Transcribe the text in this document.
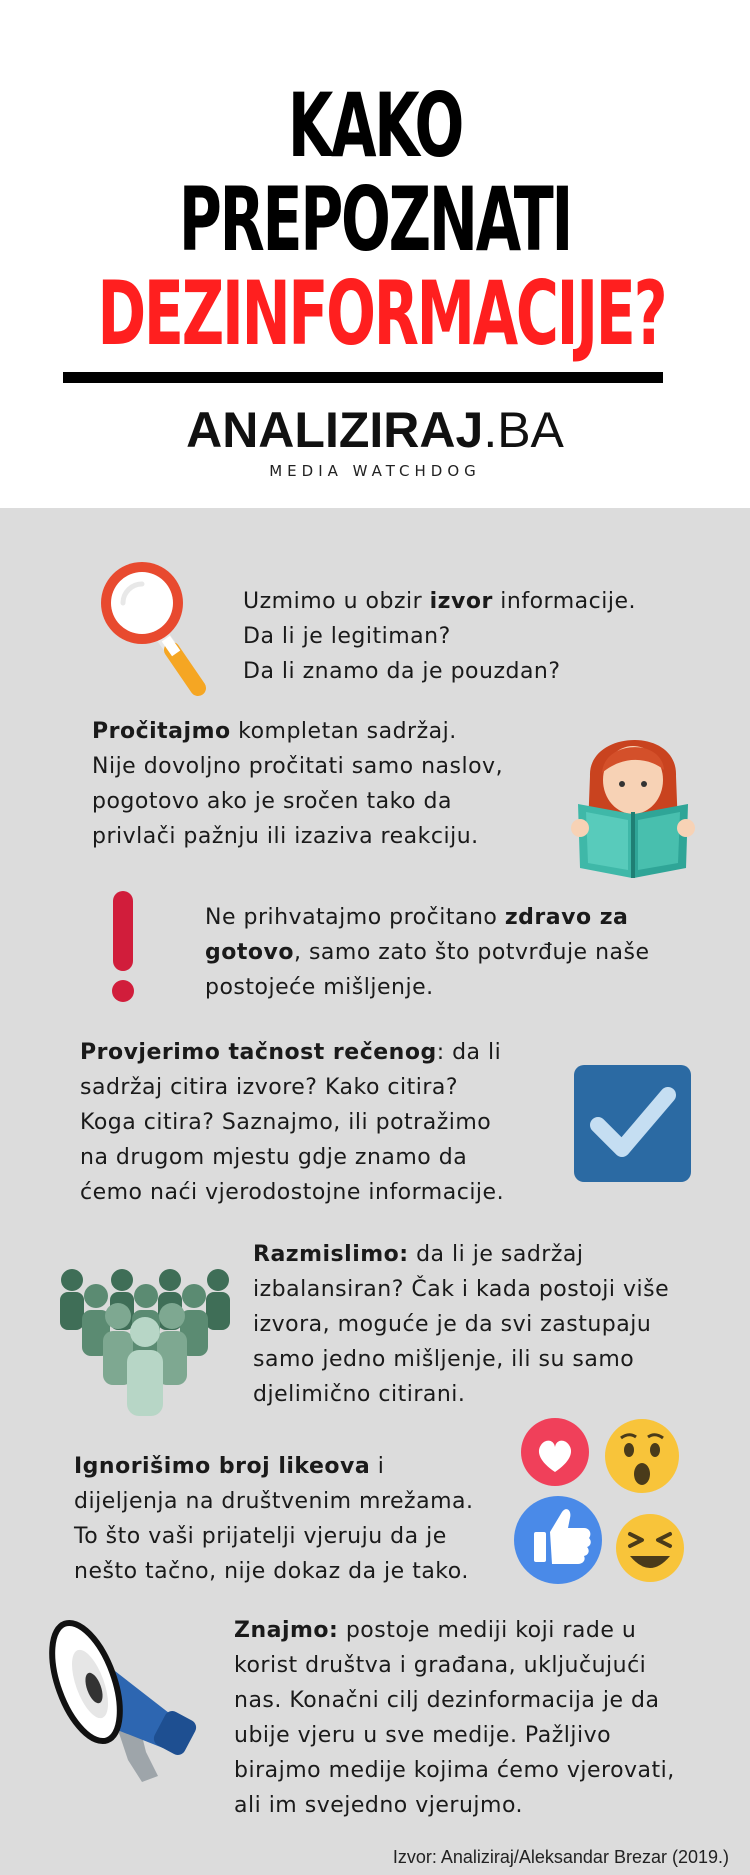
KAKO
PREPOZNATI
DEZINFORMACIJE?
ANALIZIRAJ.BA
MEDIA WATCHDOG
Uzmimo u obzir izvor informacije.
Da li je legitiman?
Da li znamo da je pouzdan?
Pročitajmo kompletan sadržaj.
Nije dovoljno pročitati samo naslov,
pogotovo ako je sročen tako da
privlači pažnju ili izaziva reakciju.
Ne prihvatajmo pročitano zdravo za
gotovo, samo zato što potvrđuje naše
postojeće mišljenje.
Provjerimo tačnost rečenog: da li
sadržaj citira izvore? Kako citira?
Koga citira? Saznajmo, ili potražimo
na drugom mjestu gdje znamo da
ćemo naći vjerodostojne informacije.
Razmislimo: da li je sadržaj
izbalansiran? Čak i kada postoji više
izvora, moguće je da svi zastupaju
samo jedno mišljenje, ili su samo
djelimično citirani.
Ignorišimo broj likeova i
dijeljenja na društvenim mrežama.
To što vaši prijatelji vjeruju da je
nešto tačno, nije dokaz da je tako.
Znajmo: postoje mediji koji rade u
korist društva i građana, uključujući
nas. Konačni cilj dezinformacija je da
ubije vjeru u sve medije. Pažljivo
birajmo medije kojima ćemo vjerovati,
ali im svejedno vjerujmo.
Izvor: Analiziraj/Aleksandar Brezar (2019.)
